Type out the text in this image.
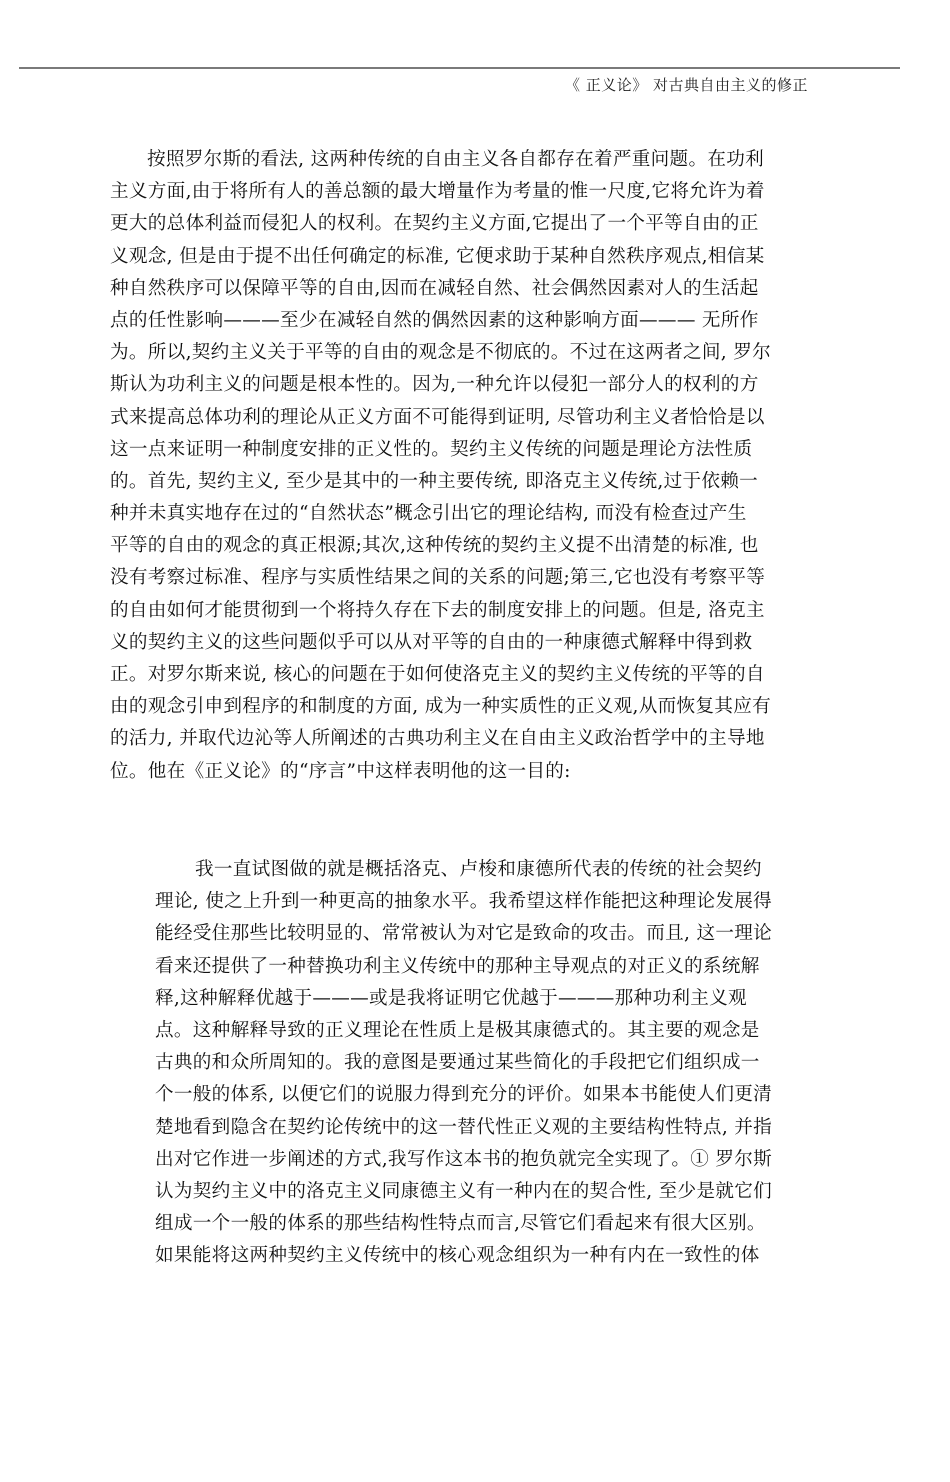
《 正义论》 对古典自由主义的修正
按照罗尔斯的看法, 这两种传统的自由主义各自都存在着严重问题。在功利
主义方面,由于将所有人的善总额的最大增量作为考量的惟一尺度,它将允许为着
更大的总体利益而侵犯人的权利。在契约主义方面,它提出了一个平等自由的正
义观念, 但是由于提不出任何确定的标准, 它便求助于某种自然秩序观点,相信某
种自然秩序可以保障平等的自由,因而在减轻自然、社会偶然因素对人的生活起
点的任性影响———至少在减轻自然的偶然因素的这种影响方面——— 无所作
为。所以,契约主义关于平等的自由的观念是不彻底的。不过在这两者之间, 罗尔
斯认为功利主义的问题是根本性的。因为,一种允许以侵犯一部分人的权利的方
式来提高总体功利的理论从正义方面不可能得到证明, 尽管功利主义者恰恰是以
这一点来证明一种制度安排的正义性的。契约主义传统的问题是理论方法性质
的。首先, 契约主义, 至少是其中的一种主要传统, 即洛克主义传统,过于依赖一
种并未真实地存在过的“自然状态”概念引出它的理论结构, 而没有检查过产生
平等的自由的观念的真正根源;其次,这种传统的契约主义提不出清楚的标准, 也
没有考察过标准、程序与实质性结果之间的关系的问题;第三,它也没有考察平等
的自由如何才能贯彻到一个将持久存在下去的制度安排上的问题。但是, 洛克主
义的契约主义的这些问题似乎可以从对平等的自由的一种康德式解释中得到救
正。对罗尔斯来说, 核心的问题在于如何使洛克主义的契约主义传统的平等的自
由的观念引申到程序的和制度的方面, 成为一种实质性的正义观,从而恢复其应有
的活力, 并取代边沁等人所阐述的古典功利主义在自由主义政治哲学中的主导地
位。他在《正义论》的“序言”中这样表明他的这一目的:
我一直试图做的就是概括洛克、卢梭和康德所代表的传统的社会契约
理论, 使之上升到一种更高的抽象水平。我希望这样作能把这种理论发展得
能经受住那些比较明显的、常常被认为对它是致命的攻击。而且, 这一理论
看来还提供了一种替换功利主义传统中的那种主导观点的对正义的系统解
释,这种解释优越于———或是我将证明它优越于———那种功利主义观
点。这种解释导致的正义理论在性质上是极其康德式的。其主要的观念是
古典的和众所周知的。我的意图是要通过某些简化的手段把它们组织成一
个一般的体系, 以便它们的说服力得到充分的评价。如果本书能使人们更清
楚地看到隐含在契约论传统中的这一替代性正义观的主要结构性特点, 并指
出对它作进一步阐述的方式,我写作这本书的抱负就完全实现了。① 罗尔斯
认为契约主义中的洛克主义同康德主义有一种内在的契合性, 至少是就它们
组成一个一般的体系的那些结构性特点而言,尽管它们看起来有很大区别。
如果能将这两种契约主义传统中的核心观念组织为一种有内在一致性的体
